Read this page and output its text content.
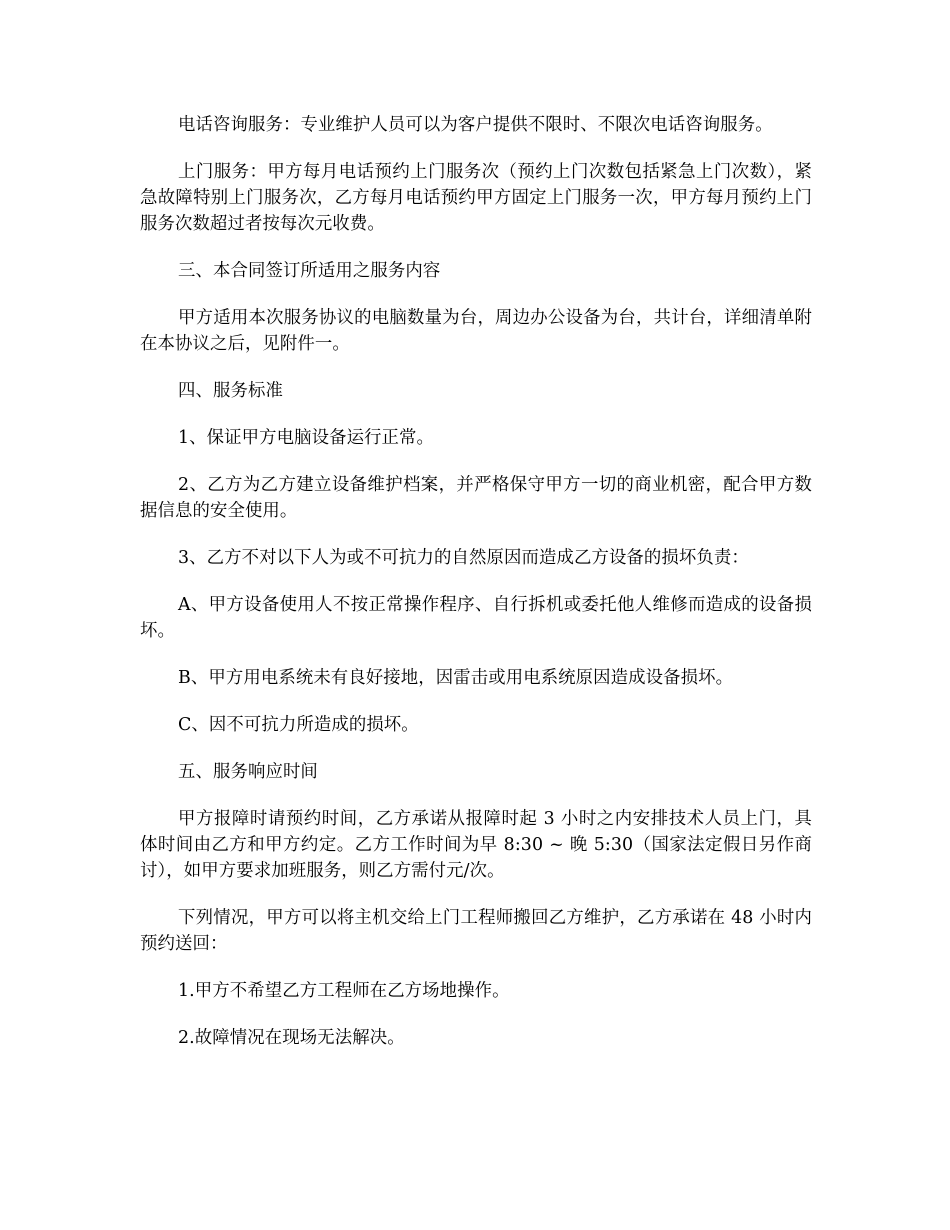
电话咨询服务：专业维护人员可以为客户提供不限时、不限次电话咨询服务。

上门服务：甲方每月电话预约上门服务次（预约上门次数包括紧急上门次数），紧急故障特别上门服务次，乙方每月电话预约甲方固定上门服务一次，甲方每月预约上门服务次数超过者按每次元收费。

三、本合同签订所适用之服务内容

甲方适用本次服务协议的电脑数量为台，周边办公设备为台，共计台，详细清单附在本协议之后，见附件一。

四、服务标准

1、保证甲方电脑设备运行正常。

2、乙方为乙方建立设备维护档案，并严格保守甲方一切的商业机密，配合甲方数据信息的安全使用。

3、乙方不对以下人为或不可抗力的自然原因而造成乙方设备的损坏负责：

A、甲方设备使用人不按正常操作程序、自行拆机或委托他人维修而造成的设备损坏。

B、甲方用电系统未有良好接地，因雷击或用电系统原因造成设备损坏。

C、因不可抗力所造成的损坏。

五、服务响应时间

甲方报障时请预约时间，乙方承诺从报障时起 3 小时之内安排技术人员上门，具体时间由乙方和甲方约定。乙方工作时间为早 8:30 ~ 晚 5:30（国家法定假日另作商讨），如甲方要求加班服务，则乙方需付元/次。

下列情况，甲方可以将主机交给上门工程师搬回乙方维护，乙方承诺在 48 小时内预约送回：

1.甲方不希望乙方工程师在乙方场地操作。

2.故障情况在现场无法解决。
